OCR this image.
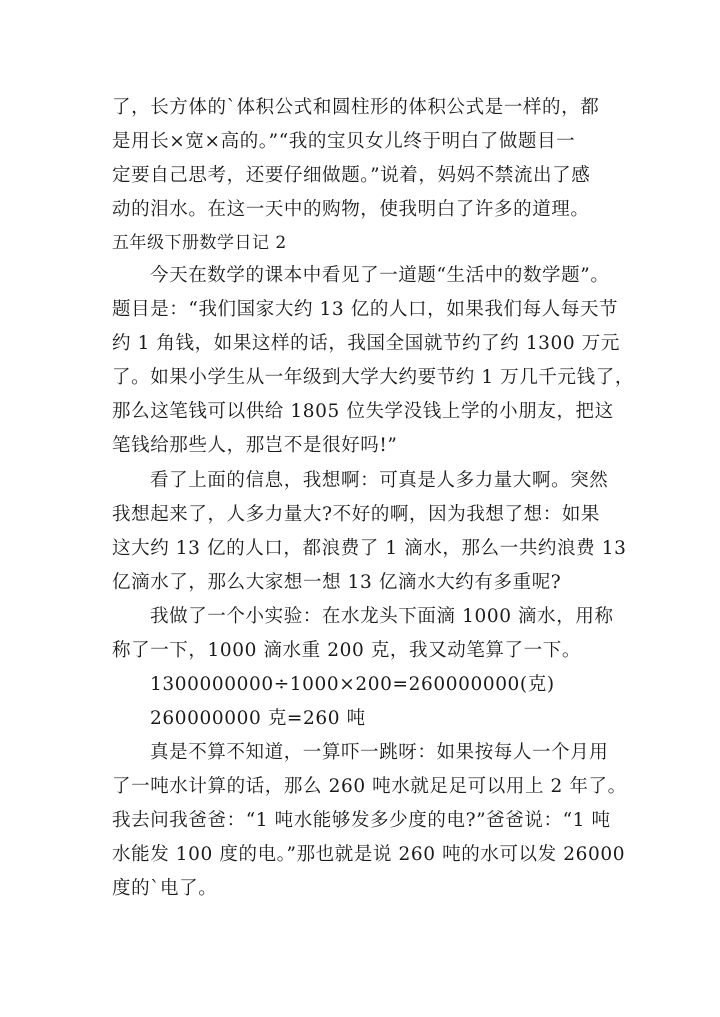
了，长方体的`体积公式和圆柱形的体积公式是一样的，都
是用长×宽×高的。”“我的宝贝女儿终于明白了做题目一
定要自己思考，还要仔细做题。”说着，妈妈不禁流出了感
动的泪水。在这一天中的购物，使我明白了许多的道理。
五年级下册数学日记 2
今天在数学的课本中看见了一道题“生活中的数学题”。
题目是：“我们国家大约 13 亿的人口，如果我们每人每天节
约 1 角钱，如果这样的话，我国全国就节约了约 1300 万元
了。如果小学生从一年级到大学大约要节约 1 万几千元钱了，
那么这笔钱可以供给 1805 位失学没钱上学的小朋友，把这
笔钱给那些人，那岂不是很好吗!”
看了上面的信息，我想啊：可真是人多力量大啊。突然
我想起来了，人多力量大?不好的啊，因为我想了想：如果
这大约 13 亿的人口，都浪费了 1 滴水，那么一共约浪费 13
亿滴水了，那么大家想一想 13 亿滴水大约有多重呢?
我做了一个小实验：在水龙头下面滴 1000 滴水，用称
称了一下，1000 滴水重 200 克，我又动笔算了一下。
1300000000÷1000×200=260000000(克)
260000000 克=260 吨
真是不算不知道，一算吓一跳呀：如果按每人一个月用
了一吨水计算的话，那么 260 吨水就足足可以用上 2 年了。
我去问我爸爸：“1 吨水能够发多少度的电?”爸爸说：“1 吨
水能发 100 度的电。”那也就是说 260 吨的水可以发 26000
度的`电了。
